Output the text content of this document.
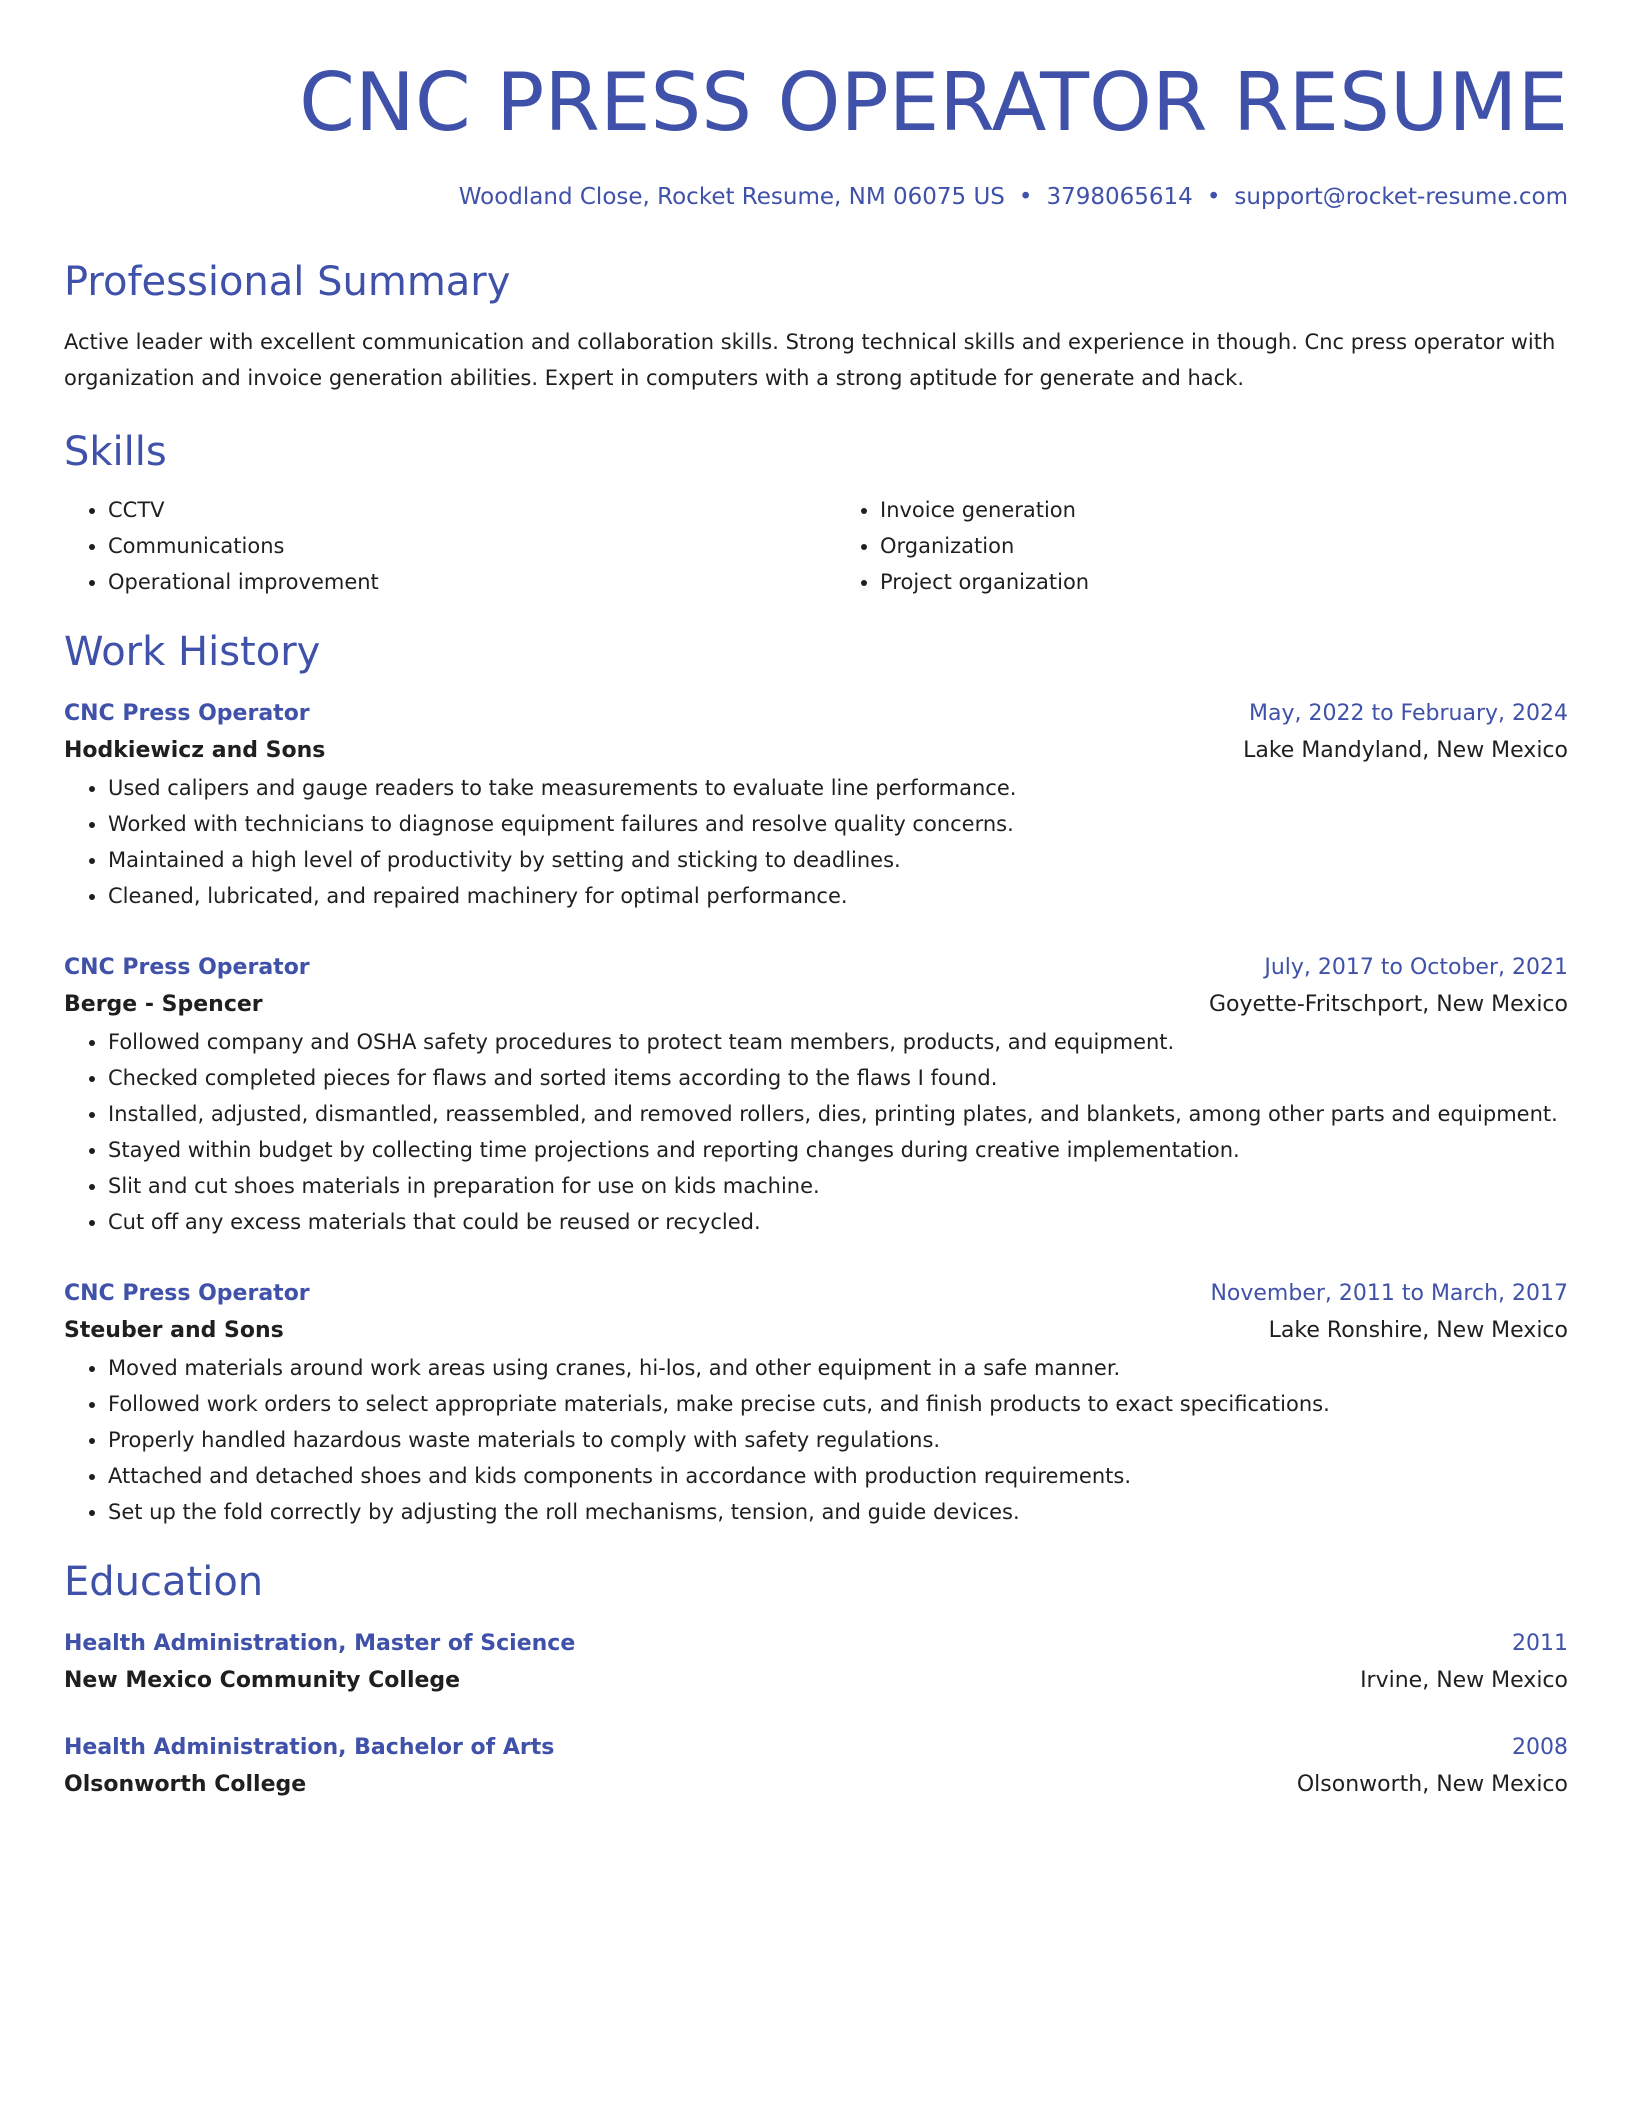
CNC PRESS OPERATOR RESUME
Woodland Close, Rocket Resume, NM 06075 US • 3798065614 • support@rocket-resume.com
Professional Summary
Active leader with excellent communication and collaboration skills. Strong technical skills and experience in though. Cnc press operator with organization and invoice generation abilities. Expert in computers with a strong aptitude for generate and hack.
Skills
• CCTV
• Communications
• Operational improvement
• Invoice generation
• Organization
• Project organization
Work History
CNC Press Operator	May, 2022 to February, 2024
Hodkiewicz and Sons	Lake Mandyland, New Mexico
• Used calipers and gauge readers to take measurements to evaluate line performance.
• Worked with technicians to diagnose equipment failures and resolve quality concerns.
• Maintained a high level of productivity by setting and sticking to deadlines.
• Cleaned, lubricated, and repaired machinery for optimal performance.
CNC Press Operator	July, 2017 to October, 2021
Berge - Spencer	Goyette-Fritschport, New Mexico
• Followed company and OSHA safety procedures to protect team members, products, and equipment.
• Checked completed pieces for flaws and sorted items according to the flaws I found.
• Installed, adjusted, dismantled, reassembled, and removed rollers, dies, printing plates, and blankets, among other parts and equipment.
• Stayed within budget by collecting time projections and reporting changes during creative implementation.
• Slit and cut shoes materials in preparation for use on kids machine.
• Cut off any excess materials that could be reused or recycled.
CNC Press Operator	November, 2011 to March, 2017
Steuber and Sons	Lake Ronshire, New Mexico
• Moved materials around work areas using cranes, hi-los, and other equipment in a safe manner.
• Followed work orders to select appropriate materials, make precise cuts, and finish products to exact specifications.
• Properly handled hazardous waste materials to comply with safety regulations.
• Attached and detached shoes and kids components in accordance with production requirements.
• Set up the fold correctly by adjusting the roll mechanisms, tension, and guide devices.
Education
Health Administration, Master of Science	2011
New Mexico Community College	Irvine, New Mexico
Health Administration, Bachelor of Arts	2008
Olsonworth College	Olsonworth, New Mexico
